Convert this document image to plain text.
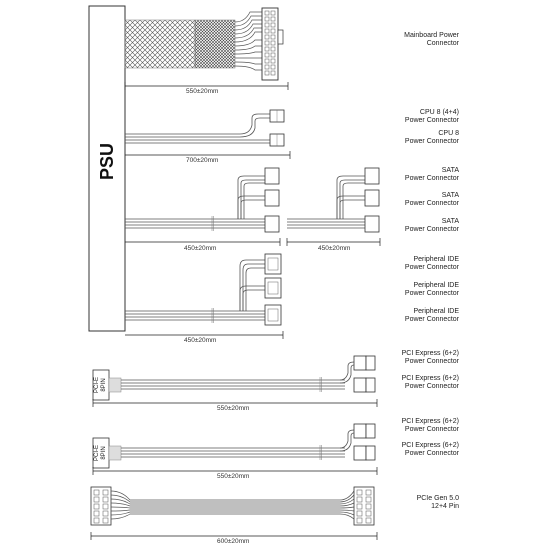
PSU
PCI-E 8PIN
PCI-E 8PIN
550±20mm
700±20mm
450±20mm	450±20mm
450±20mm
550±20mm
550±20mm
600±20mm
Mainboard Power
Connector
CPU 8 (4+4)
Power Connector
CPU 8
Power Connector
SATA
Power Connector
SATA
Power Connector
SATA
Power Connector
Peripheral IDE
Power Connector
Peripheral IDE
Power Connector
Peripheral IDE
Power Connector
PCI Express (6+2)
Power Connector
PCI Express (6+2)
Power Connector
PCI Express (6+2)
Power Connector
PCI Express (6+2)
Power Connector
PCIe Gen 5.0
12+4 Pin
